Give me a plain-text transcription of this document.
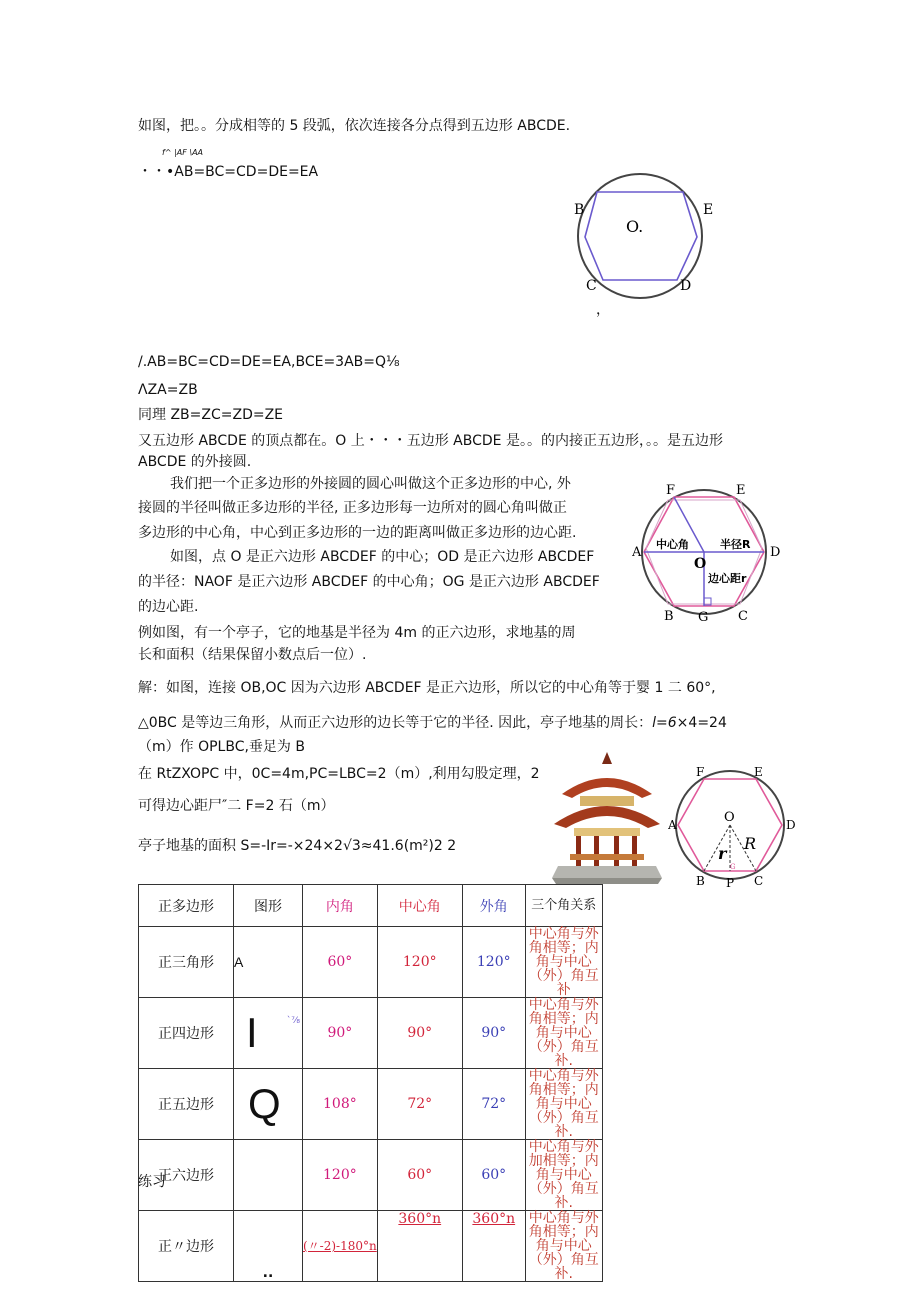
如图，把。。分成相等的 5 段弧，依次连接各分点得到五边形 ABCDE.
f^ |AF \AA
・・•AB=BC=CD=DE=EA
B	E
C	D
O.
，
/.AB=BC=CD=DE=EA,BCE=3AB=Q⅛
ΛZA=ZB
同理 ZB=ZC=ZD=ZE
又五边形 ABCDE 的顶点都在。O 上・・・五边形 ABCDE 是。。的内接正五边形，。。是五边形
ABCDE 的外接圆.
我们把一个正多边形的外接圆的圆心叫做这个正多边形的中心, 外
接圆的半径叫做正多边形的半径, 正多边形每一边所对的圆心角叫做正
多边形的中心角，中心到正多边形的一边的距离叫做正多边形的边心距.
如图，点 O 是正六边形 ABCDEF 的中心；OD 是正六边形 ABCDEF
的半径：NAOF 是正六边形 ABCDEF 的中心角；OG 是正六边形 ABCDEF
的边心距.
F	E
A	D
B G C
O
中心角	半径R
边心距r
例如图，有一个亭子，它的地基是半径为 4m 的正六边形，求地基的周
长和面积（结果保留小数点后一位）.
解：如图，连接 OB,OC 因为六边形 ABCDEF 是正六边形，所以它的中心角等于婴 1 二 60°,
△0BC 是等边三角形，从而正六边形的边长等于它的半径. 因此，亭子地基的周长：l=6×4=24
（m）作 OPLBC,垂足为 B
在 RtZXOPC 中，0C=4m,PC=LBC=2（m）,利用勾股定理，2
可得边心距尸″二 F=2 石（m）
亭子地基的面积 S=-Ir=-×24×2√3≈41.6(m²)2 2
F	E
A	D
B P C
O
r
R
G
正多边形	图形	内角	中心角	外角	三个角关系
正三角形	A	60°	120°	120°	中心角与外角相等；内角与中心（外）角互补
正四边形	I `⅞	90°	90°	90°	中心角与外角相等；内角与中心（外）角互补.
正五边形	Q	108°	72°	72°	中心角与外角相等；内角与中心（外）角互补.
正六边形		120°	60°	60°	中心角与外加相等；内角与中心（外）角互补.
正〃边形	..	(〃-2)-180°n	360°n	360°n	中心角与外角相等；内角与中心（外）角互补.
练习
